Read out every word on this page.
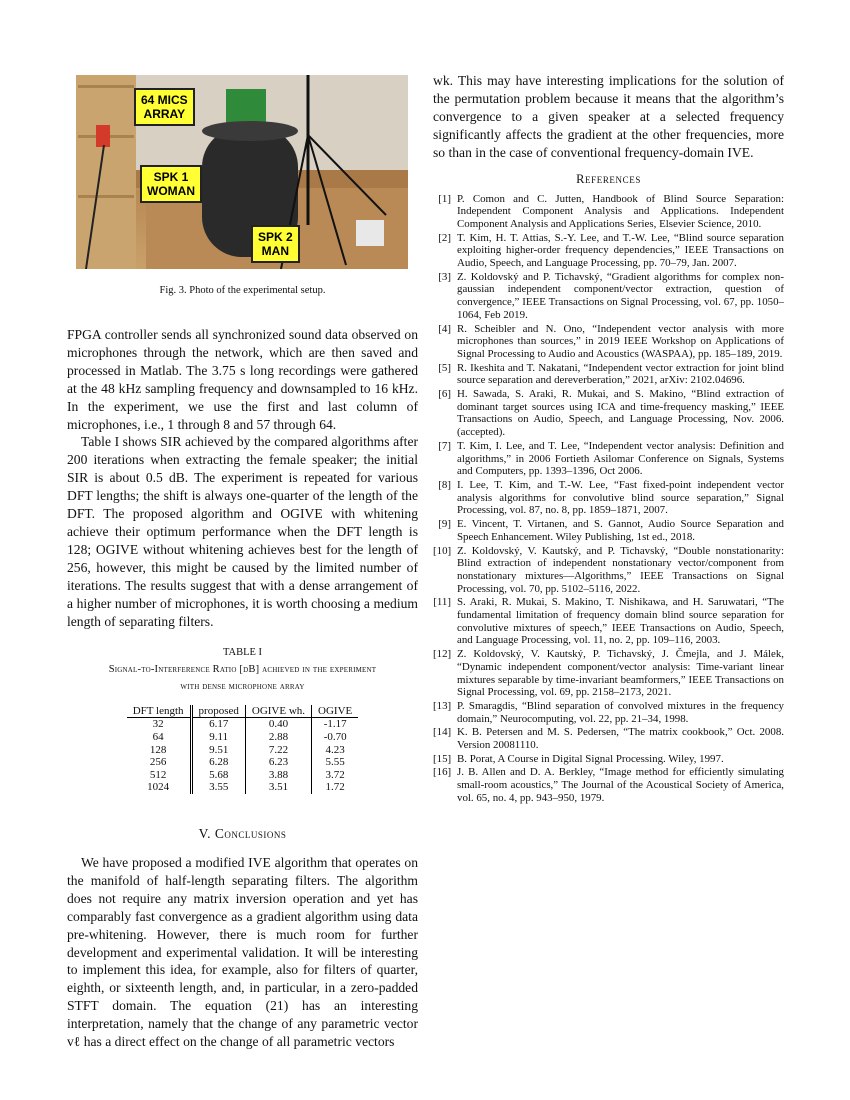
64 MICS
ARRAY
SPK 1
WOMAN
SPK 2
MAN
Fig. 3. Photo of the experimental setup.

FPGA controller sends all synchronized sound data observed on microphones through the network, which are then saved and processed in Matlab. The 3.75 s long recordings were gathered at the 48 kHz sampling frequency and downsampled to 16 kHz. In the experiment, we use the first and last column of microphones, i.e., 1 through 8 and 57 through 64.

Table I shows SIR achieved by the compared algorithms after 200 iterations when extracting the female speaker; the initial SIR is about 0.5 dB. The experiment is repeated for various DFT lengths; the shift is always one-quarter of the length of the DFT. The proposed algorithm and OGIVE with whitening achieve their optimum performance when the DFT length is 128; OGIVE without whitening achieves best for the length of 256, however, this might be caused by the limited number of iterations. The results suggest that with a dense arrangement of a higher number of microphones, it is worth choosing a medium length of separating filters.

TABLE I
Signal-to-Interference Ratio [dB] achieved in the experiment
with dense microphone array
DFT length	proposed	OGIVE wh.	OGIVE
32	6.17	0.40	-1.17
64	9.11	2.88	-0.70
128	9.51	7.22	4.23
256	6.28	6.23	5.55
512	5.68	3.88	3.72
1024	3.55	3.51	1.72
V. Conclusions

We have proposed a modified IVE algorithm that operates on the manifold of half-length separating filters. The algorithm does not require any matrix inversion operation and yet has comparably fast convergence as a gradient algorithm using data pre-whitening. However, there is much room for further development and experimental validation. It will be interesting to implement this idea, for example, also for filters of quarter, eighth, or sixteenth length, and, in particular, in a zero-padded STFT domain. The equation (21) has an interesting interpretation, namely that the change of any parametric vector vℓ has a direct effect on the change of all parametric vectors

wk. This may have interesting implications for the solution of the permutation problem because it means that the algorithm’s convergence to a given speaker at a selected frequency significantly affects the gradient at the other frequencies, more so than in the case of conventional frequency-domain IVE.

References
[1] P. Comon and C. Jutten, Handbook of Blind Source Separation: Independent Component Analysis and Applications. Independent Component Analysis and Applications Series, Elsevier Science, 2010.
[2] T. Kim, H. T. Attias, S.-Y. Lee, and T.-W. Lee, “Blind source separation exploiting higher-order frequency dependencies,” IEEE Transactions on Audio, Speech, and Language Processing, pp. 70–79, Jan. 2007.
[3] Z. Koldovský and P. Tichavský, “Gradient algorithms for complex non-gaussian independent component/vector extraction, question of convergence,” IEEE Transactions on Signal Processing, vol. 67, pp. 1050–1064, Feb 2019.
[4] R. Scheibler and N. Ono, “Independent vector analysis with more microphones than sources,” in 2019 IEEE Workshop on Applications of Signal Processing to Audio and Acoustics (WASPAA), pp. 185–189, 2019.
[5] R. Ikeshita and T. Nakatani, “Independent vector extraction for joint blind source separation and dereverberation,” 2021, arXiv: 2102.04696.
[6] H. Sawada, S. Araki, R. Mukai, and S. Makino, “Blind extraction of dominant target sources using ICA and time-frequency masking,” IEEE Transactions on Audio, Speech, and Language Processing, Nov. 2006. (accepted).
[7] T. Kim, I. Lee, and T. Lee, “Independent vector analysis: Definition and algorithms,” in 2006 Fortieth Asilomar Conference on Signals, Systems and Computers, pp. 1393–1396, Oct 2006.
[8] I. Lee, T. Kim, and T.-W. Lee, “Fast fixed-point independent vector analysis algorithms for convolutive blind source separation,” Signal Processing, vol. 87, no. 8, pp. 1859–1871, 2007.
[9] E. Vincent, T. Virtanen, and S. Gannot, Audio Source Separation and Speech Enhancement. Wiley Publishing, 1st ed., 2018.
[10] Z. Koldovský, V. Kautský, and P. Tichavský, “Double nonstationarity: Blind extraction of independent nonstationary vector/component from nonstationary mixtures—Algorithms,” IEEE Transactions on Signal Processing, vol. 70, pp. 5102–5116, 2022.
[11] S. Araki, R. Mukai, S. Makino, T. Nishikawa, and H. Saruwatari, “The fundamental limitation of frequency domain blind source separation for convolutive mixtures of speech,” IEEE Transactions on Audio, Speech, and Language Processing, vol. 11, no. 2, pp. 109–116, 2003.
[12] Z. Koldovský, V. Kautský, P. Tichavský, J. Čmejla, and J. Málek, “Dynamic independent component/vector analysis: Time-variant linear mixtures separable by time-invariant beamformers,” IEEE Transactions on Signal Processing, vol. 69, pp. 2158–2173, 2021.
[13] P. Smaragdis, “Blind separation of convolved mixtures in the frequency domain,” Neurocomputing, vol. 22, pp. 21–34, 1998.
[14] K. B. Petersen and M. S. Pedersen, “The matrix cookbook,” Oct. 2008. Version 20081110.
[15] B. Porat, A Course in Digital Signal Processing. Wiley, 1997.
[16] J. B. Allen and D. A. Berkley, “Image method for efficiently simulating small-room acoustics,” The Journal of the Acoustical Society of America, vol. 65, no. 4, pp. 943–950, 1979.
